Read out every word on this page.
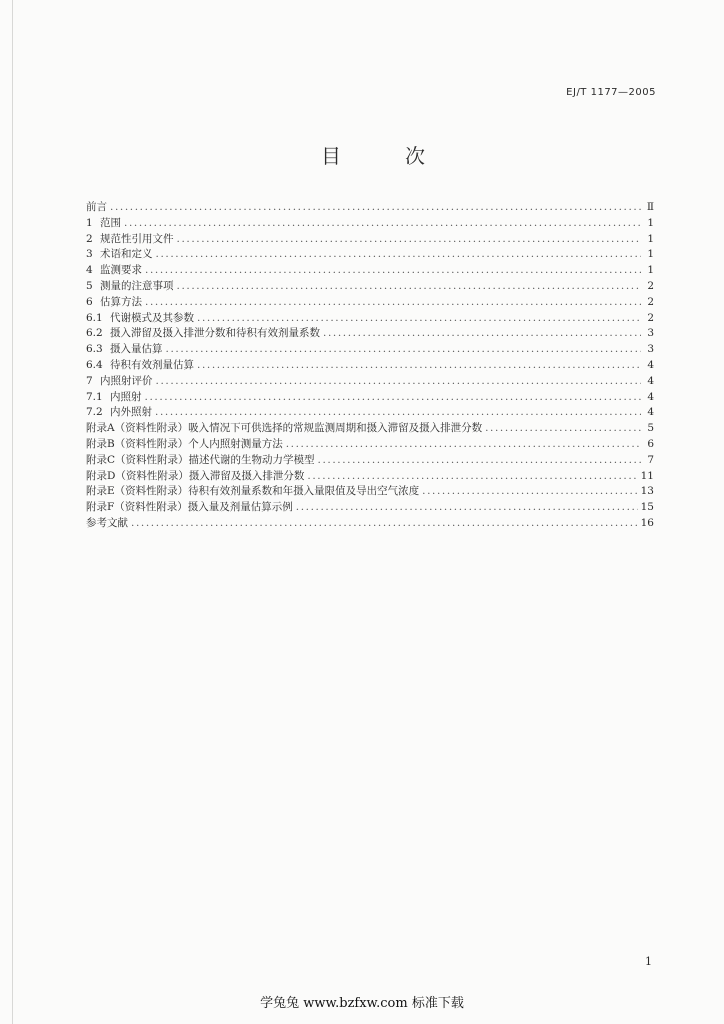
EJ/T 1177—2005
目　次
前言 .....	Ⅱ
1 范围 .....	1
2 规范性引用文件 .....	1
3 术语和定义 .....	1
4 监测要求 .....	1
5 测量的注意事项 .....	2
6 估算方法 .....	2
6.1 代谢模式及其参数 .....	2
6.2 摄入滞留及摄入排泄分数和待积有效剂量系数 .....	3
6.3 摄入量估算 .....	3
6.4 待积有效剂量估算 .....	4
7 内照射评价 .....	4
7.1 内照射 .....	4
7.2 内外照射 .....	4
附录A（资料性附录）吸入情况下可供选择的常规监测周期和摄入滞留及摄入排泄分数 .....	5
附录B（资料性附录）个人内照射测量方法 .....	6
附录C（资料性附录）描述代谢的生物动力学模型 .....	7
附录D（资料性附录）摄入滞留及摄入排泄分数 .....	11
附录E（资料性附录）待积有效剂量系数和年摄入量限值及导出空气浓度 .....	13
附录F（资料性附录）摄入量及剂量估算示例 .....	15
参考文献 .....	16
1
学兔兔 www.bzfxw.com 标准下载
